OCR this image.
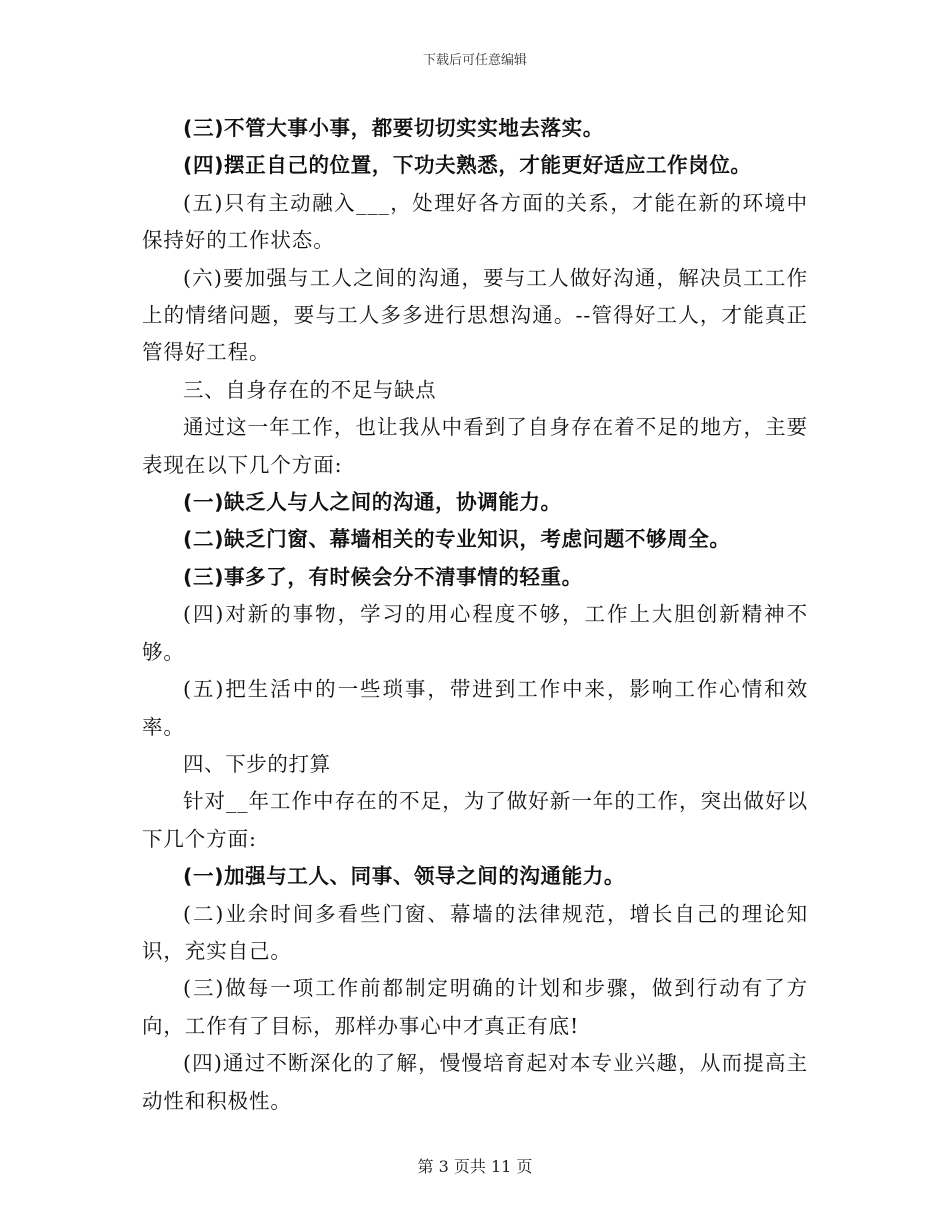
下载后可任意编辑

(三)不管大事小事，都要切切实实地去落实。

(四)摆正自己的位置，下功夫熟悉，才能更好适应工作岗位。

(五)只有主动融入___，处理好各方面的关系，才能在新的环境中保持好的工作状态。

(六)要加强与工人之间的沟通，要与工人做好沟通，解决员工工作上的情绪问题，要与工人多多进行思想沟通。--管得好工人，才能真正管得好工程。

三、自身存在的不足与缺点

通过这一年工作，也让我从中看到了自身存在着不足的地方，主要表现在以下几个方面:

(一)缺乏人与人之间的沟通，协调能力。

(二)缺乏门窗、幕墙相关的专业知识，考虑问题不够周全。

(三)事多了，有时候会分不清事情的轻重。

(四)对新的事物，学习的用心程度不够，工作上大胆创新精神不够。

(五)把生活中的一些琐事，带进到工作中来，影响工作心情和效率。

四、下步的打算

针对__年工作中存在的不足，为了做好新一年的工作，突出做好以下几个方面:

(一)加强与工人、同事、领导之间的沟通能力。

(二)业余时间多看些门窗、幕墙的法律规范，增长自己的理论知识，充实自己。

(三)做每一项工作前都制定明确的计划和步骤，做到行动有了方向，工作有了目标，那样办事心中才真正有底!

(四)通过不断深化的了解，慢慢培育起对本专业兴趣，从而提高主动性和积极性。

第 3 页共 11 页
